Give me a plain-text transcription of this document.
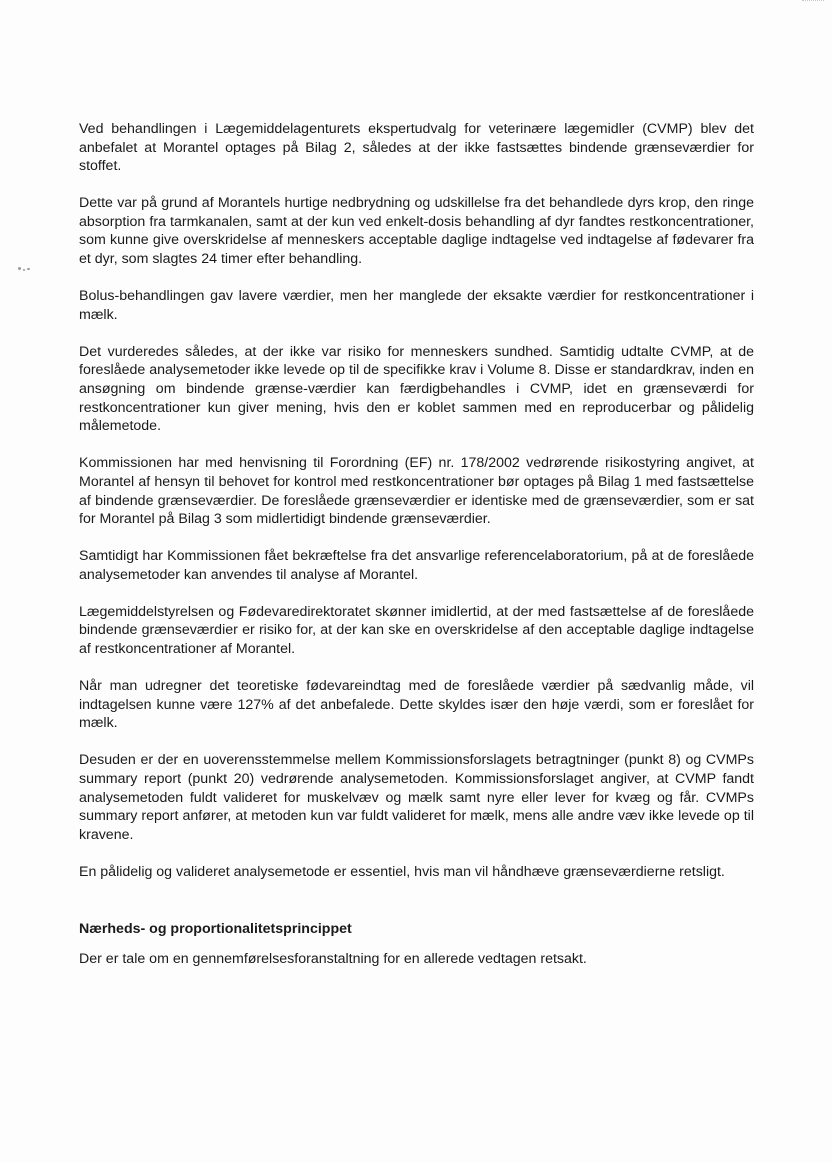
Ved behandlingen i Lægemiddelagenturets ekspertudvalg for veterinære lægemidler (CVMP) blev det anbefalet at Morantel optages på Bilag 2, således at der ikke fastsættes bindende grænseværdier for stoffet.

Dette var på grund af Morantels hurtige nedbrydning og udskillelse fra det behandlede dyrs krop, den ringe absorption fra tarmkanalen, samt at der kun ved enkelt-dosis behandling af dyr fandtes restkoncentrationer, som kunne give overskridelse af menneskers acceptable daglige indtagelse ved indtagelse af fødevarer fra et dyr, som slagtes 24 timer efter behandling.

Bolus-behandlingen gav lavere værdier, men her manglede der eksakte værdier for restkoncentrationer i mælk.

Det vurderedes således, at der ikke var risiko for menneskers sundhed. Samtidig udtalte CVMP, at de foreslåede analysemetoder ikke levede op til de specifikke krav i Volume 8. Disse er standardkrav, inden en ansøgning om bindende grænse-værdier kan færdigbehandles i CVMP, idet en grænseværdi for restkoncentrationer kun giver mening, hvis den er koblet sammen med en reproducerbar og pålidelig målemetode.

Kommissionen har med henvisning til Forordning (EF) nr. 178/2002 vedrørende risikostyring angivet, at Morantel af hensyn til behovet for kontrol med restkoncentrationer bør optages på Bilag 1 med fastsættelse af bindende grænseværdier. De foreslåede grænseværdier er identiske med de grænseværdier, som er sat for Morantel på Bilag 3 som midlertidigt bindende grænseværdier.

Samtidigt har Kommissionen fået bekræftelse fra det ansvarlige referencelaboratorium, på at de foreslåede analysemetoder kan anvendes til analyse af Morantel.

Lægemiddelstyrelsen og Fødevaredirektoratet skønner imidlertid, at der med fastsættelse af de foreslåede bindende grænseværdier er risiko for, at der kan ske en overskridelse af den acceptable daglige indtagelse af restkoncentrationer af Morantel.

Når man udregner det teoretiske fødevareindtag med de foreslåede værdier på sædvanlig måde, vil indtagelsen kunne være 127% af det anbefalede. Dette skyldes især den høje værdi, som er foreslået for mælk.

Desuden er der en uoverensstemmelse mellem Kommissionsforslagets betragtninger (punkt 8) og CVMPs summary report (punkt 20) vedrørende analysemetoden. Kommissionsforslaget angiver, at CVMP fandt analysemetoden fuldt valideret for muskelvæv og mælk samt nyre eller lever for kvæg og får. CVMPs summary report anfører, at metoden kun var fuldt valideret for mælk, mens alle andre væv ikke levede op til kravene.

En pålidelig og valideret analysemetode er essentiel, hvis man vil håndhæve grænseværdierne retsligt.

Nærheds- og proportionalitetsprincippet

Der er tale om en gennemførelsesforanstaltning for en allerede vedtagen retsakt.
